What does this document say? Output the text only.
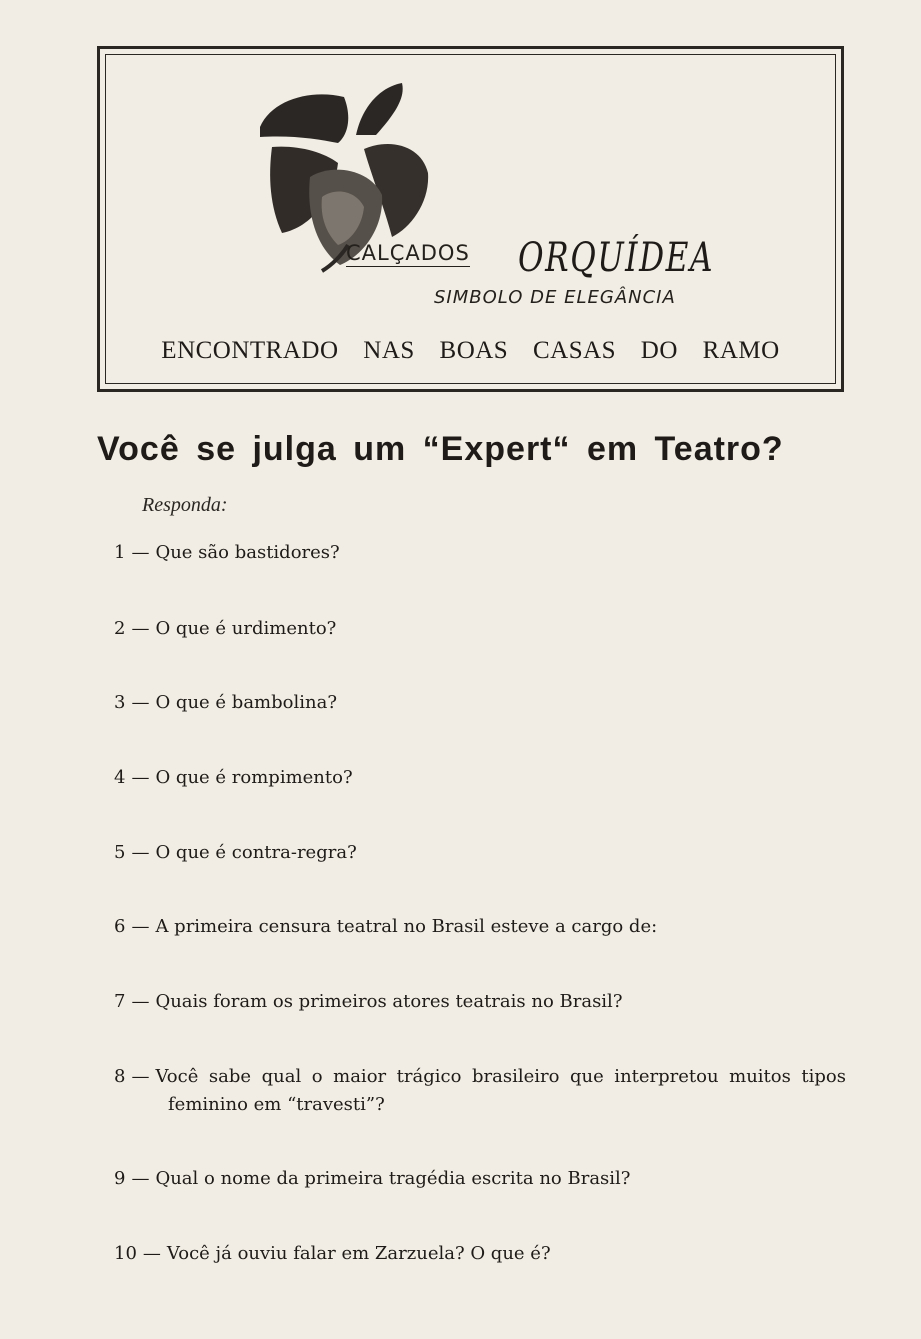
CALÇADOS ORQUÍDEA
SIMBOLO DE ELEGÂNCIA
ENCONTRADO NAS BOAS CASAS DO RAMO
Você se julga um “Expert“ em Teatro?
Responda:
1 — Que são bastidores?
2 — O que é urdimento?
3 — O que é bambolina?
4 — O que é rompimento?
5 — O que é contra-regra?
6 — A primeira censura teatral no Brasil esteve a cargo de:
7 — Quais foram os primeiros atores teatrais no Brasil?
8 — Você sabe qual o maior trágico brasileiro que interpretou muitos tipos feminino em “travesti”?
9 — Qual o nome da primeira tragédia escrita no Brasil?
10 — Você já ouviu falar em Zarzuela? O que é?
